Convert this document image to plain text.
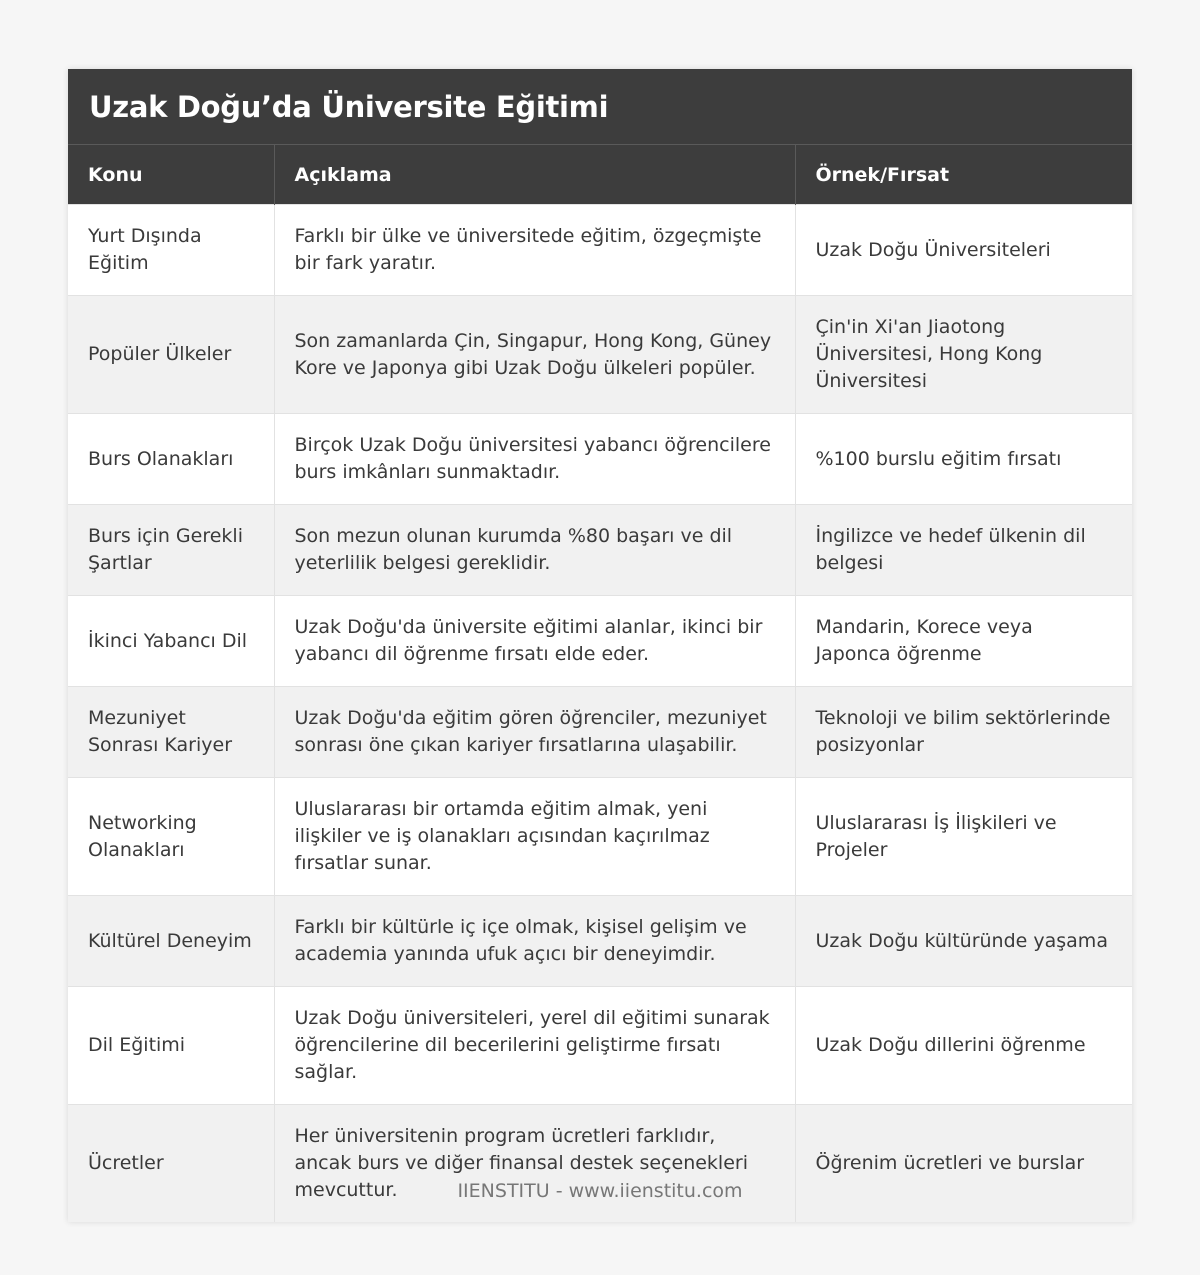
Uzak Doğu’da Üniversite Eğitimi
Konu	Açıklama	Örnek/Fırsat
Yurt Dışında Eğitim	Farklı bir ülke ve üniversitede eğitim, özgeçmişte bir fark yaratır.	Uzak Doğu Üniversiteleri
Popüler Ülkeler	Son zamanlarda Çin, Singapur, Hong Kong, Güney Kore ve Japonya gibi Uzak Doğu ülkeleri popüler.	Çin'in Xi'an Jiaotong Üniversitesi, Hong Kong Üniversitesi
Burs Olanakları	Birçok Uzak Doğu üniversitesi yabancı öğrencilere burs imkânları sunmaktadır.	%100 burslu eğitim fırsatı
Burs için Gerekli Şartlar	Son mezun olunan kurumda %80 başarı ve dil yeterlilik belgesi gereklidir.	İngilizce ve hedef ülkenin dil belgesi
İkinci Yabancı Dil	Uzak Doğu'da üniversite eğitimi alanlar, ikinci bir yabancı dil öğrenme fırsatı elde eder.	Mandarin, Korece veya Japonca öğrenme
Mezuniyet Sonrası Kariyer	Uzak Doğu'da eğitim gören öğrenciler, mezuniyet sonrası öne çıkan kariyer fırsatlarına ulaşabilir.	Teknoloji ve bilim sektörlerinde posizyonlar
Networking Olanakları	Uluslararası bir ortamda eğitim almak, yeni ilişkiler ve iş olanakları açısından kaçırılmaz fırsatlar sunar.	Uluslararası İş İlişkileri ve Projeler
Kültürel Deneyim	Farklı bir kültürle iç içe olmak, kişisel gelişim ve academia yanında ufuk açıcı bir deneyimdir.	Uzak Doğu kültüründe yaşama
Dil Eğitimi	Uzak Doğu üniversiteleri, yerel dil eğitimi sunarak öğrencilerine dil becerilerini geliştirme fırsatı sağlar.	Uzak Doğu dillerini öğrenme
Ücretler	Her üniversitenin program ücretleri farklıdır, ancak burs ve diğer finansal destek seçenekleri mevcuttur.	Öğrenim ücretleri ve burslar
IIENSTITU - www.iienstitu.com
